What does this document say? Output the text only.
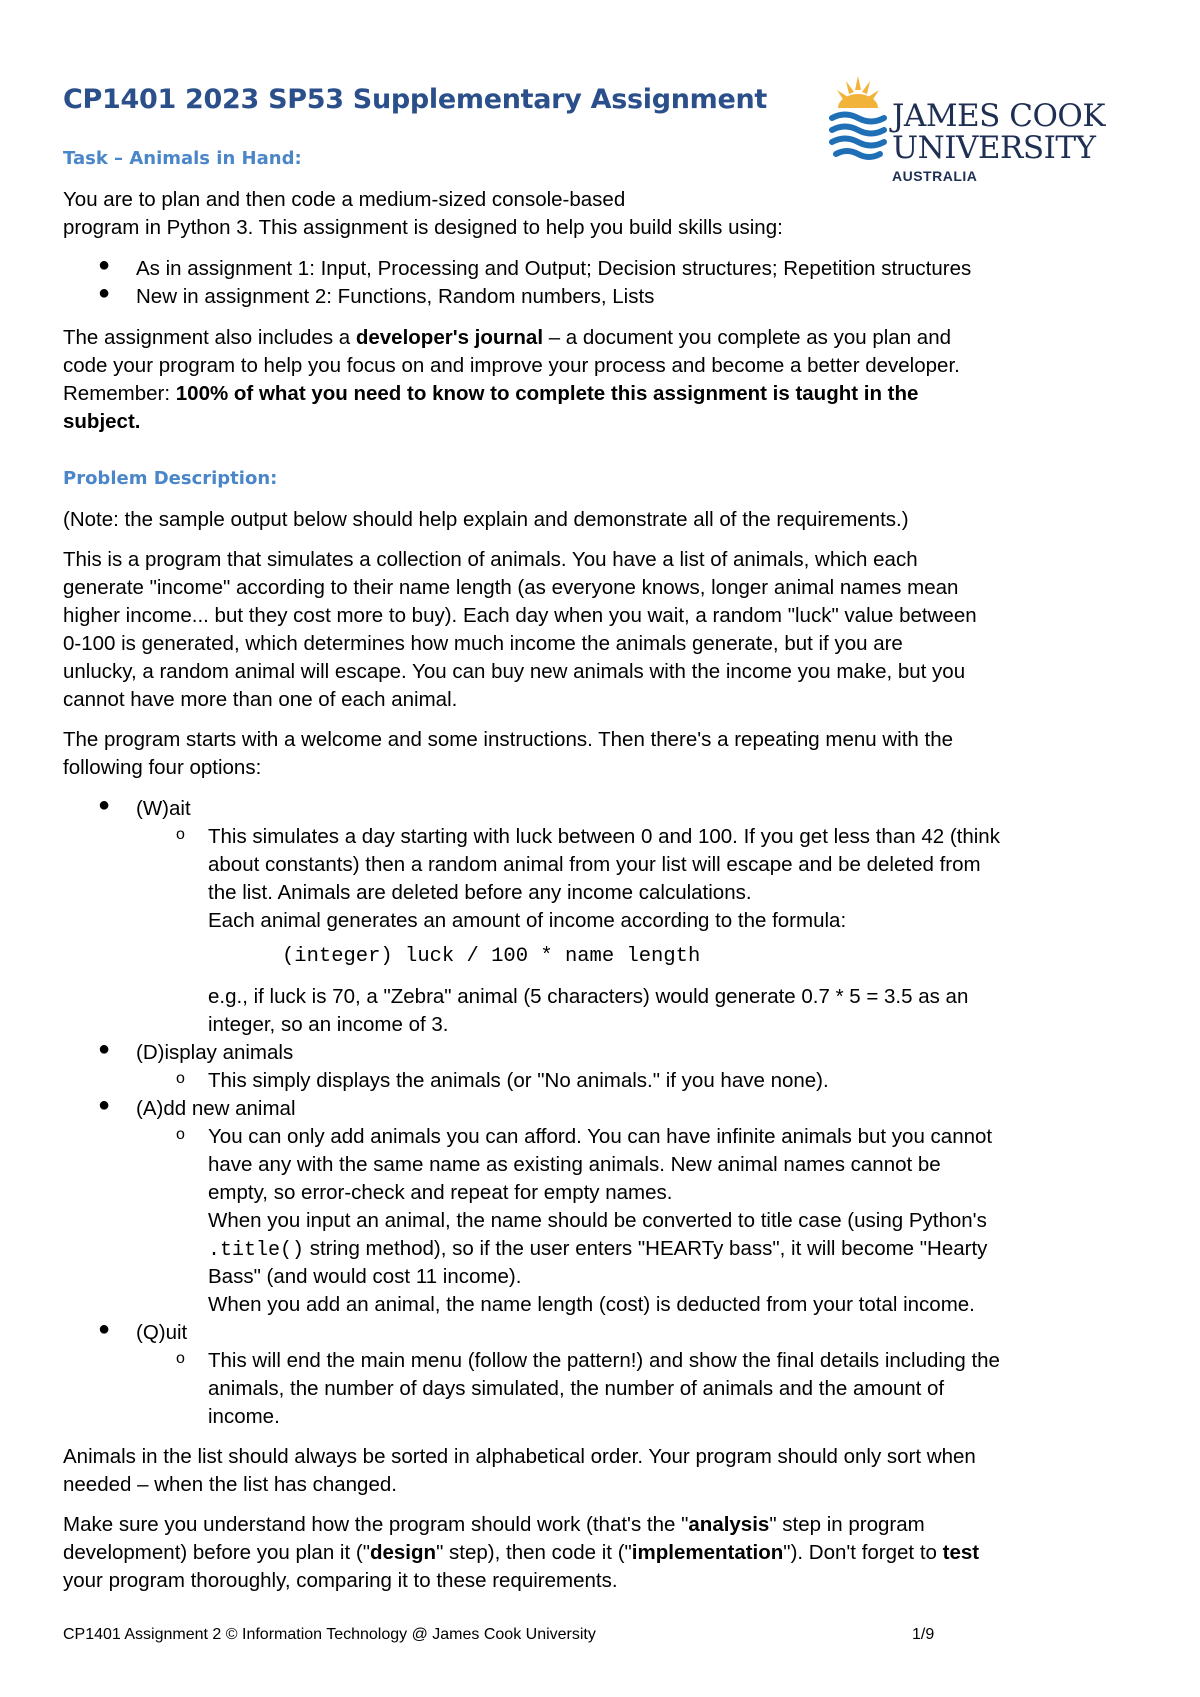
CP1401 2023 SP53 Supplementary Assignment	JAMES COOK
UNIVERSITY
AUSTRALIA
Task – Animals in Hand:
You are to plan and then code a medium-sized console-based
program in Python 3. This assignment is designed to help you build skills using:
● As in assignment 1: Input, Processing and Output; Decision structures; Repetition structures
● New in assignment 2: Functions, Random numbers, Lists
The assignment also includes a developer's journal – a document you complete as you plan and
code your program to help you focus on and improve your process and become a better developer.
Remember: 100% of what you need to know to complete this assignment is taught in the
subject.
Problem Description:
(Note: the sample output below should help explain and demonstrate all of the requirements.)
This is a program that simulates a collection of animals. You have a list of animals, which each
generate "income" according to their name length (as everyone knows, longer animal names mean
higher income... but they cost more to buy). Each day when you wait, a random "luck" value between
0-100 is generated, which determines how much income the animals generate, but if you are
unlucky, a random animal will escape. You can buy new animals with the income you make, but you
cannot have more than one of each animal.
The program starts with a welcome and some instructions. Then there's a repeating menu with the
following four options:
● (W)ait
o This simulates a day starting with luck between 0 and 100. If you get less than 42 (think
about constants) then a random animal from your list will escape and be deleted from
the list. Animals are deleted before any income calculations.
Each animal generates an amount of income according to the formula:
(integer) luck / 100 * name length
e.g., if luck is 70, a "Zebra" animal (5 characters) would generate 0.7 * 5 = 3.5 as an
integer, so an income of 3.
● (D)isplay animals
o This simply displays the animals (or "No animals." if you have none).
● (A)dd new animal
o You can only add animals you can afford. You can have infinite animals but you cannot
have any with the same name as existing animals. New animal names cannot be
empty, so error-check and repeat for empty names.
When you input an animal, the name should be converted to title case (using Python's
.title() string method), so if the user enters "HEARTy bass", it will become "Hearty
Bass" (and would cost 11 income).
When you add an animal, the name length (cost) is deducted from your total income.
● (Q)uit
o This will end the main menu (follow the pattern!) and show the final details including the
animals, the number of days simulated, the number of animals and the amount of
income.
Animals in the list should always be sorted in alphabetical order. Your program should only sort when
needed – when the list has changed.
Make sure you understand how the program should work (that's the "analysis" step in program
development) before you plan it ("design" step), then code it ("implementation"). Don't forget to test
your program thoroughly, comparing it to these requirements.
CP1401 Assignment 2 © Information Technology @ James Cook University	1/9
